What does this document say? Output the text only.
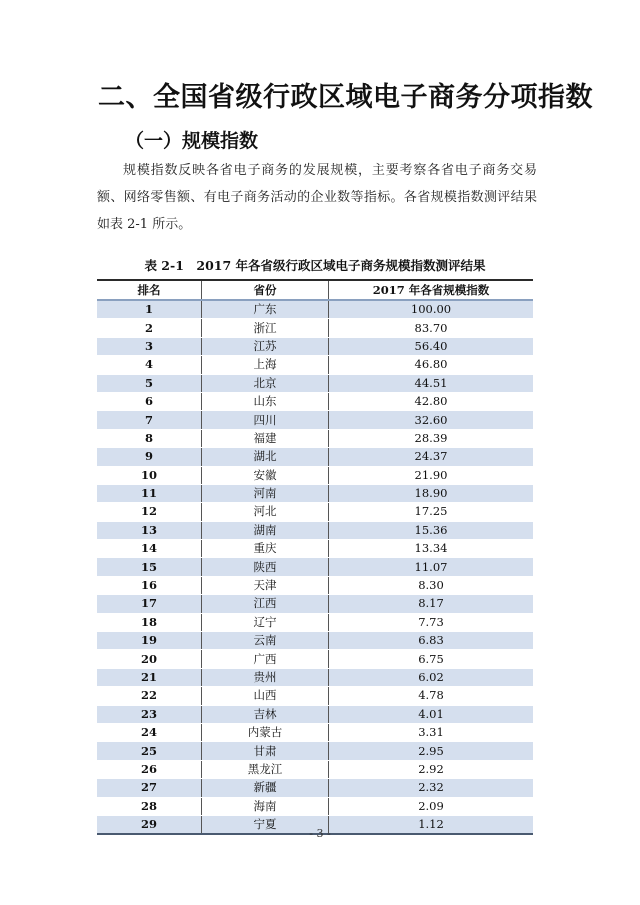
二、全国省级行政区域电子商务分项指数
（一）规模指数

规模指数反映各省电子商务的发展规模，主要考察各省电子商务交易额、网络零售额、有电子商务活动的企业数等指标。各省规模指数测评结果如表 2-1 所示。

表 2-1　2017 年各省级行政区域电子商务规模指数测评结果
排名	省份	2017 年各省规模指数
1	广东	100.00
2	浙江	83.70
3	江苏	56.40
4	上海	46.80
5	北京	44.51
6	山东	42.80
7	四川	32.60
8	福建	28.39
9	湖北	24.37
10	安徽	21.90
11	河南	18.90
12	河北	17.25
13	湖南	15.36
14	重庆	13.34
15	陕西	11.07
16	天津	8.30
17	江西	8.17
18	辽宁	7.73
19	云南	6.83
20	广西	6.75
21	贵州	6.02
22	山西	4.78
23	吉林	4.01
24	内蒙古	3.31
25	甘肃	2.95
26	黑龙江	2.92
27	新疆	2.32
28	海南	2.09
29	宁夏	1.12
- 3 -
